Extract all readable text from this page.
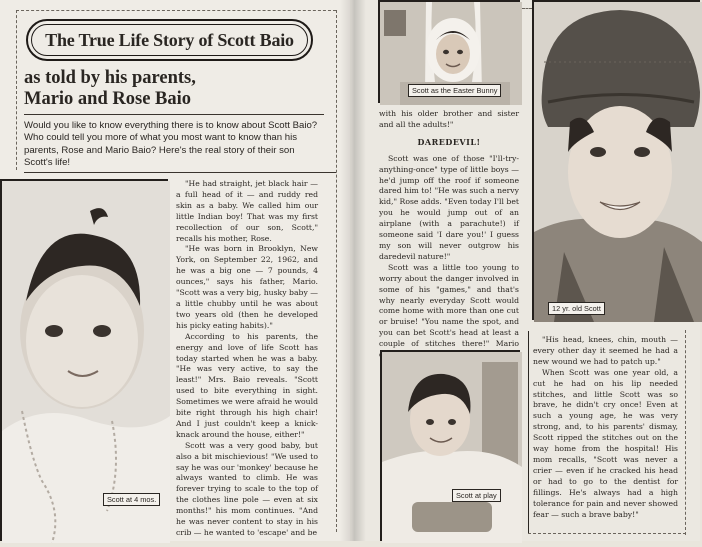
The True Life Story of Scott Baio
as told by his parents,
Mario and Rose Baio
Would you like to know everything there is to know about Scott Baio? Who could tell you more of what you most want to know than his parents, Rose and Mario Baio? Here's the real story of their son Scott's life!
Scott at 4 mos.

"He had straight, jet black hair — a full head of it — and ruddy red skin as a baby. We called him our little Indian boy! That was my first recollection of our son, Scott," recalls his mother, Rose.

"He was born in Brooklyn, New York, on September 22, 1962, and he was a big one — 7 pounds, 4 ounces," says his father, Mario. "Scott was a very big, husky baby — a little chubby until he was about two years old (then he developed his picky eating habits)."

According to his parents, the energy and love of life Scott has today started when he was a baby. "He was very active, to say the least!" Mrs. Baio reveals. "Scott used to bite everything in sight. Sometimes we were afraid he would bite right through his high chair! And I just couldn't keep a knick-knack around the house, either!"

Scott was a very good baby, but also a bit mischievious! "We used to say he was our 'monkey' because he always wanted to climb. He was forever trying to scale to the top of the clothes line pole — even at six months!" his mom continues. "And he was never content to stay in his crib — he wanted to 'escape' and be

Scott as the Easter Bunny

with his older brother and sister and all the adults!"

DAREDEVIL!

Scott was one of those "I'll-try-anything-once" type of little boys — he'd jump off the roof if someone dared him to! "He was such a nervy kid," Rose adds. "Even today I'll bet you he would jump out of an airplane (with a parachute!) if someone said 'I dare you!' I guess my son will never outgrow his daredevil nature!"

Scott was a little too young to worry about the danger involved in some of his "games," and that's why nearly everyday Scott would come home with more than one cut or bruise! "You name the spot, and you can bet Scott's head at least a couple of stitches there!" Mario

12 yr. old Scott
Scott at play

"His head, knees, chin, mouth — every other day it seemed he had a new wound we had to patch up."

When Scott was one year old, a cut he had on his lip needed stitches, and little Scott was so brave, he didn't cry once! Even at such a young age, he was very strong, and, to his parents' dismay, Scott ripped the stitches out on the way home from the hospital! His mom recalls, "Scott was never a crier — even if he cracked his head or had to go to the dentist for fillings. He's always had a high tolerance for pain and never showed fear — such a brave baby!"
